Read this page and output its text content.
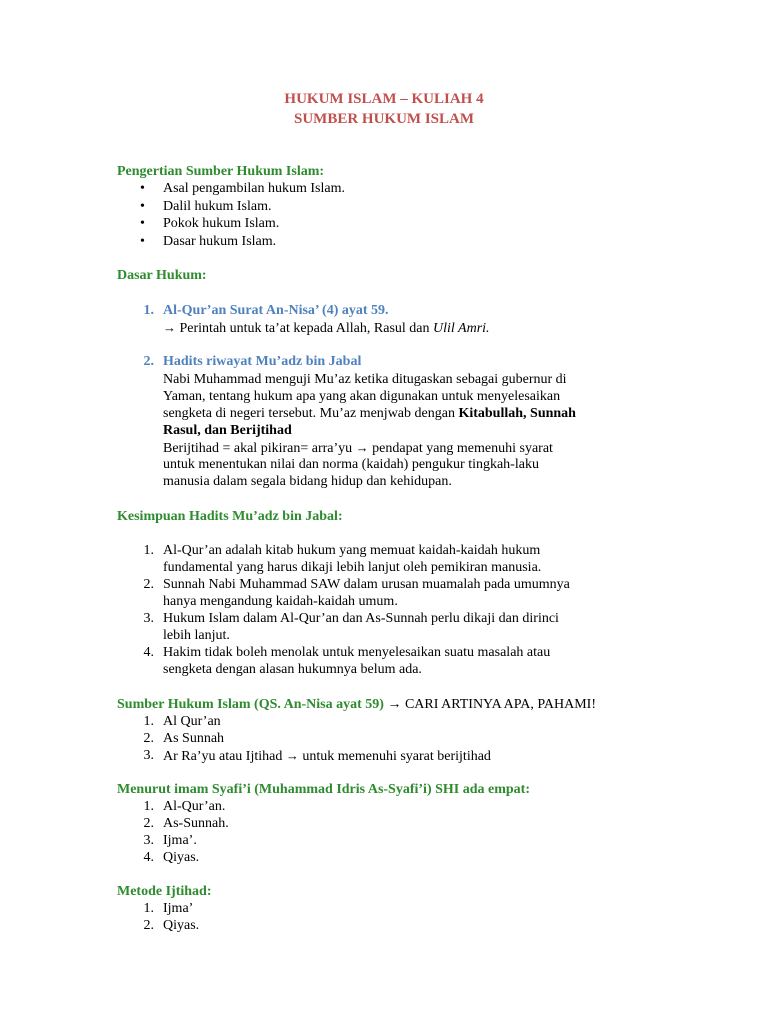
HUKUM ISLAM – KULIAH 4
SUMBER HUKUM ISLAM
Pengertian Sumber Hukum Islam:
• Asal pengambilan hukum Islam.
• Dalil hukum Islam.
• Pokok hukum Islam.
• Dasar hukum Islam.
Dasar Hukum:
1. Al-Qur’an Surat An-Nisa’ (4) ayat 59.
→ Perintah untuk ta’at kepada Allah, Rasul dan Ulil Amri.
2. Hadits riwayat Mu’adz bin Jabal
Nabi Muhammad menguji Mu’az ketika ditugaskan sebagai gubernur di
Yaman, tentang hukum apa yang akan digunakan untuk menyelesaikan
sengketa di negeri tersebut. Mu’az menjwab dengan Kitabullah, Sunnah
Rasul, dan Berijtihad
Berijtihad = akal pikiran= arra’yu → pendapat yang memenuhi syarat
untuk menentukan nilai dan norma (kaidah) pengukur tingkah-laku
manusia dalam segala bidang hidup dan kehidupan.
Kesimpuan Hadits Mu’adz bin Jabal:
1. Al-Qur’an adalah kitab hukum yang memuat kaidah-kaidah hukum
fundamental yang harus dikaji lebih lanjut oleh pemikiran manusia.
2. Sunnah Nabi Muhammad SAW dalam urusan muamalah pada umumnya
hanya mengandung kaidah-kaidah umum.
3. Hukum Islam dalam Al-Qur’an dan As-Sunnah perlu dikaji dan dirinci
lebih lanjut.
4. Hakim tidak boleh menolak untuk menyelesaikan suatu masalah atau
sengketa dengan alasan hukumnya belum ada.
Sumber Hukum Islam (QS. An-Nisa ayat 59) → CARI ARTINYA APA, PAHAMI!
1. Al Qur’an
2. As Sunnah
3. Ar Ra’yu atau Ijtihad → untuk memenuhi syarat berijtihad
Menurut imam Syafi’i (Muhammad Idris As-Syafi’i) SHI ada empat:
1. Al-Qur’an.
2. As-Sunnah.
3. Ijma’.
4. Qiyas.
Metode Ijtihad:
1. Ijma’
2. Qiyas.
